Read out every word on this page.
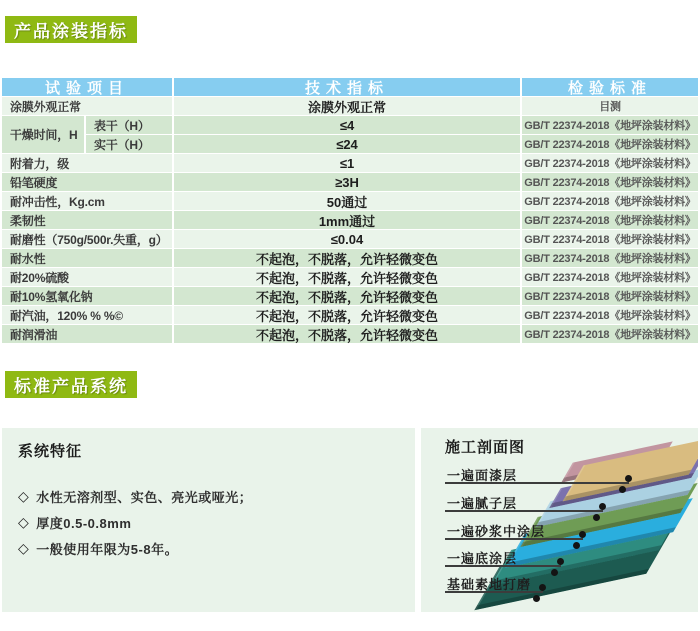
产品涂装指标
试验项目	技术指标	检验标准
涂膜外观正常	涂膜外观正常	目测
干燥时间，H
表干（H）	≤4	GB/T 22374-2018《地坪涂装材料》
实干（H）	≤24	GB/T 22374-2018《地坪涂装材料》
附着力，级	≤1	GB/T 22374-2018《地坪涂装材料》
铅笔硬度	≥3H	GB/T 22374-2018《地坪涂装材料》
耐冲击性，Kg.cm	50通过	GB/T 22374-2018《地坪涂装材料》
柔韧性	1mm通过	GB/T 22374-2018《地坪涂装材料》
耐磨性（750g/500r.失重，g）	≤0.04	GB/T 22374-2018《地坪涂装材料》
耐水性	不起泡，不脱落，允许轻微变色	GB/T 22374-2018《地坪涂装材料》
耐20%硫酸	不起泡，不脱落，允许轻微变色	GB/T 22374-2018《地坪涂装材料》
耐10%氢氧化钠	不起泡，不脱落，允许轻微变色	GB/T 22374-2018《地坪涂装材料》
耐汽油，120% % %©	不起泡，不脱落，允许轻微变色	GB/T 22374-2018《地坪涂装材料》
耐润滑油	不起泡，不脱落，允许轻微变色	GB/T 22374-2018《地坪涂装材料》
标准产品系统
系统特征
◇ 水性无溶剂型、实色、亮光或哑光；
◇ 厚度0.5-0.8mm
◇ 一般使用年限为5-8年。
施工剖面图
一遍面漆层
一遍腻子层
一遍砂浆中涂层
一遍底涂层
基础素地打磨
